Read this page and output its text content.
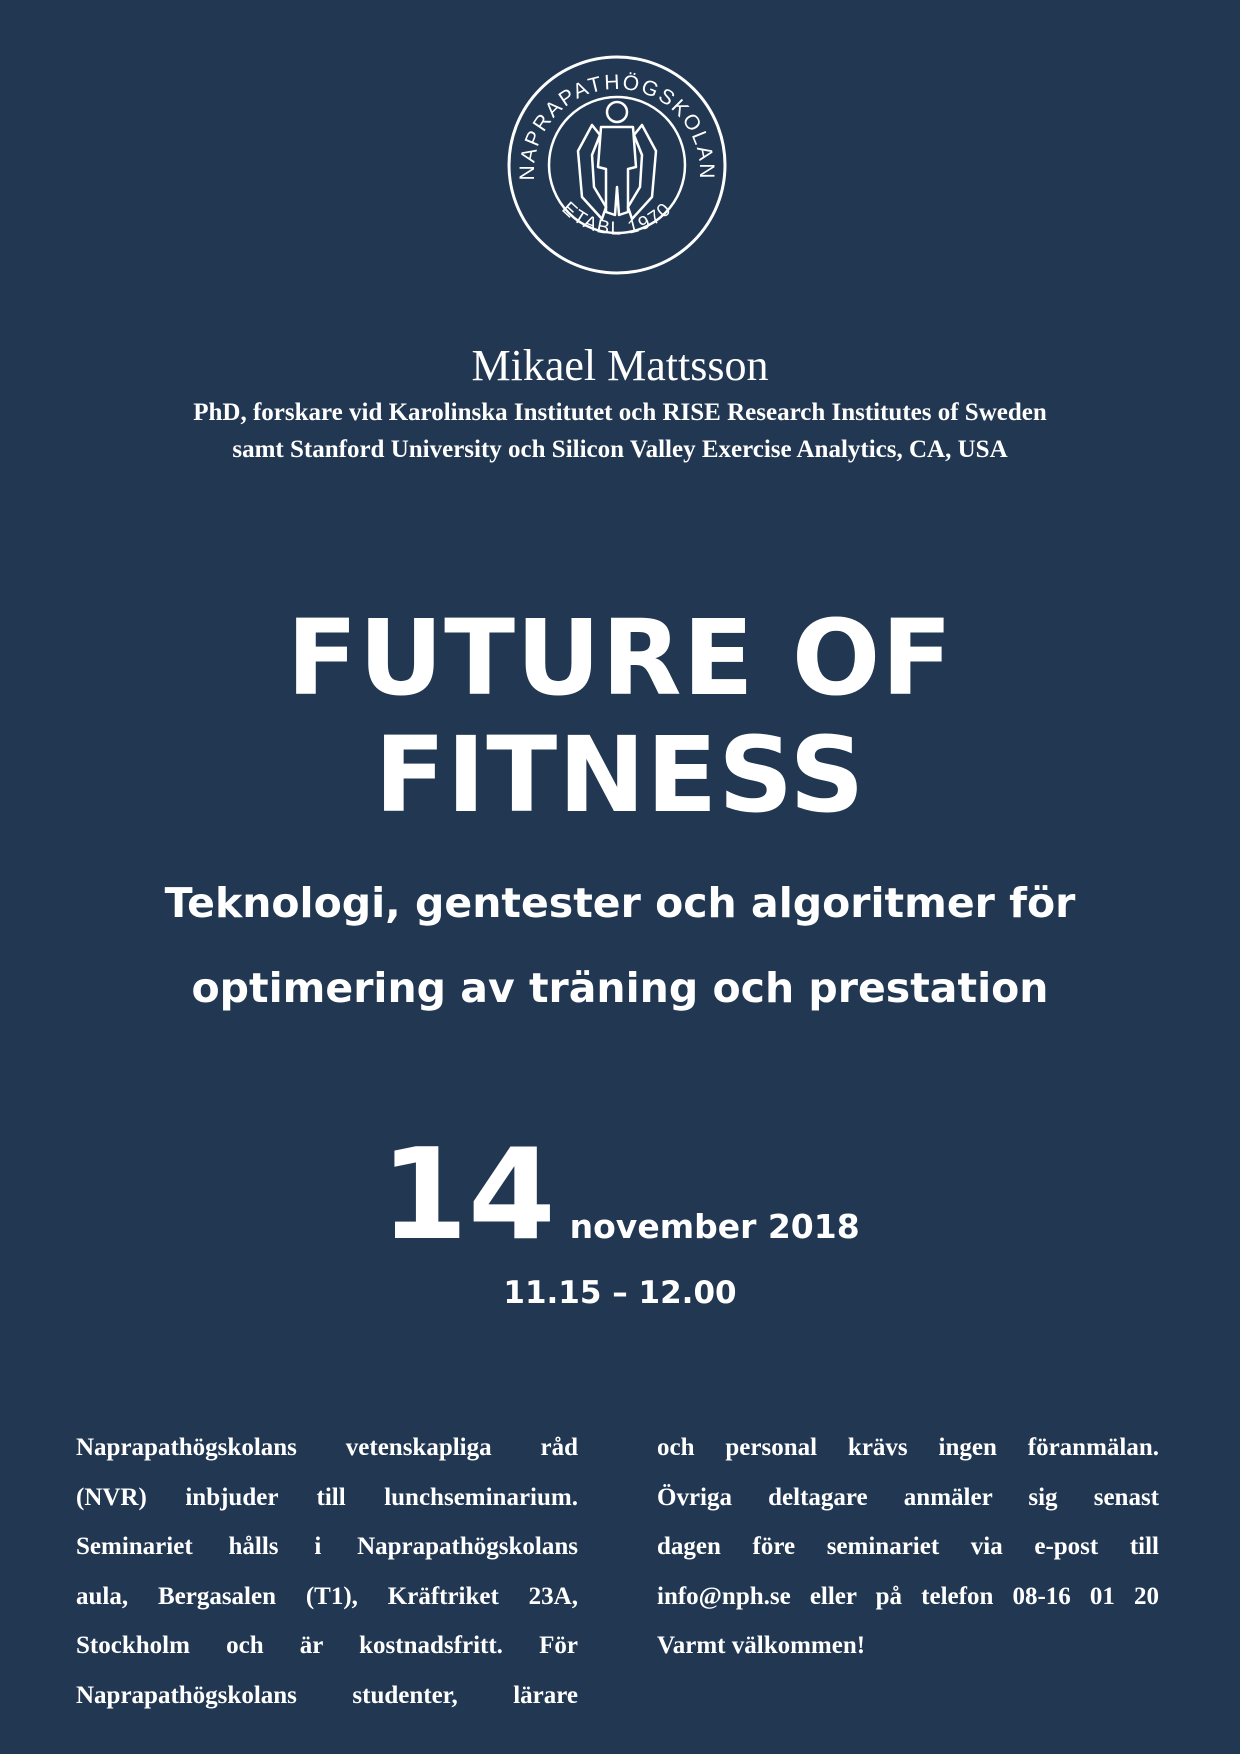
NAPRAPATHÖGSKOLAN
ETABL 1970
Mikael Mattsson
PhD, forskare vid Karolinska Institutet och RISE Research Institutes of Sweden
samt Stanford University och Silicon Valley Exercise Analytics, CA, USA
FUTURE OF
FITNESS
Teknologi, gentester och algoritmer för
optimering av träning och prestation
14 november 2018
11.15 – 12.00
Naprapathögskolans vetenskapliga råd
(NVR) inbjuder till lunchseminarium.
Seminariet hålls i Naprapathögskolans
aula, Bergasalen (T1), Kräftriket 23A,
Stockholm och är kostnadsfritt. För
Naprapathögskolans studenter, lärare
och personal krävs ingen föranmälan.
Övriga deltagare anmäler sig senast
dagen före seminariet via e-post till
info@nph.se eller på telefon 08-16 01 20
Varmt välkommen!
